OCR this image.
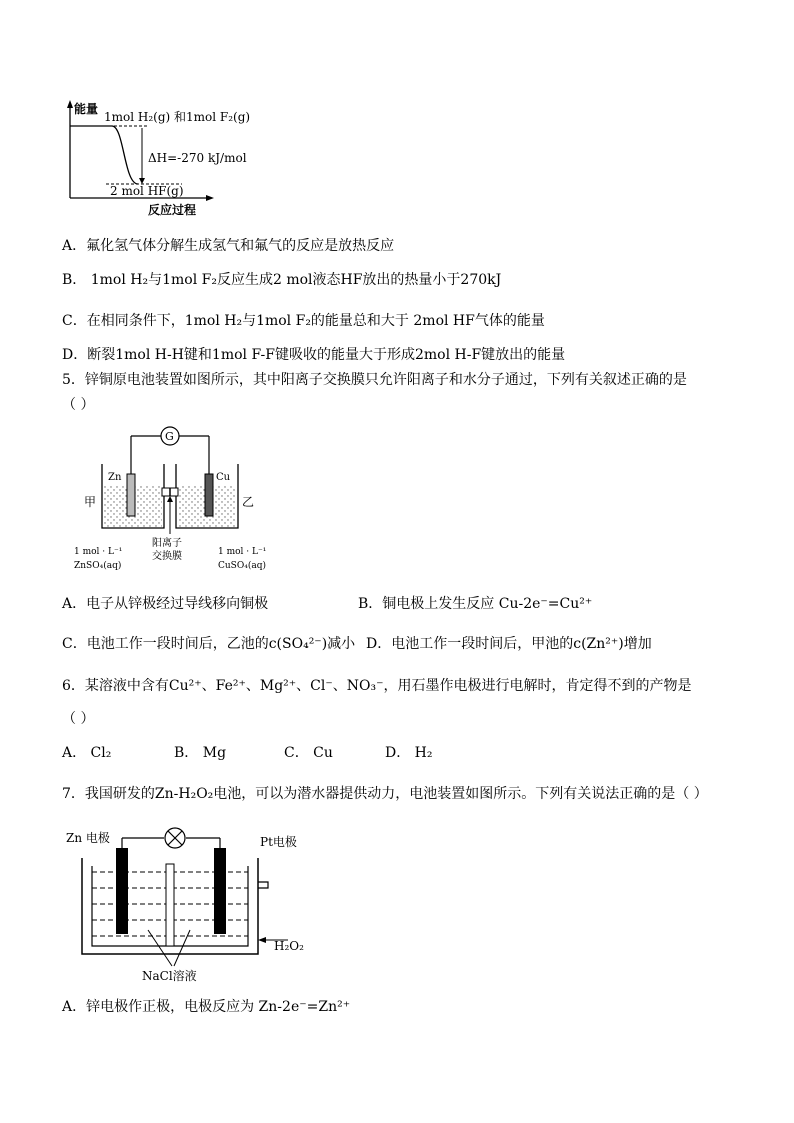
能量
1mol H₂(g) 和1mol F₂(g)
ΔH=-270 kJ/mol
2 mol HF(g)
反应过程
A．氟化氢气体分解生成氢气和氟气的反应是放热反应
B． 1mol H₂与1mol F₂反应生成2 mol液态HF放出的热量小于270kJ
C．在相同条件下，1mol H₂与1mol F₂的能量总和大于 2mol HF气体的能量
D．断裂1mol H-H键和1mol F-F键吸收的能量大于形成2mol H-F键放出的能量
5．锌铜原电池装置如图所示，其中阳离子交换膜只允许阳离子和水分子通过，下列有关叙述正确的是
（ ）
G
Zn	Cu
甲	乙
阳离子
交换膜
1 mol · L⁻¹
ZnSO₄(aq)
1 mol · L⁻¹
CuSO₄(aq)
A．电子从锌极经过导线移向铜极	B．铜电极上发生反应 Cu-2e⁻=Cu²⁺
C．电池工作一段时间后，乙池的c(SO₄²⁻)减小 D．电池工作一段时间后，甲池的c(Zn²⁺)增加
6．某溶液中含有Cu²⁺、Fe²⁺、Mg²⁺、Cl⁻、NO₃⁻，用石墨作电极进行电解时，肯定得不到的产物是
（ ）
A． Cl₂	B． Mg	C． Cu	D． H₂
7．我国研发的Zn-H₂O₂电池，可以为潜水器提供动力，电池装置如图所示。下列有关说法正确的是（ ）
Zn 电极	Pt电极
H₂O₂
NaCl溶液
A．锌电极作正极，电极反应为 Zn-2e⁻=Zn²⁺
